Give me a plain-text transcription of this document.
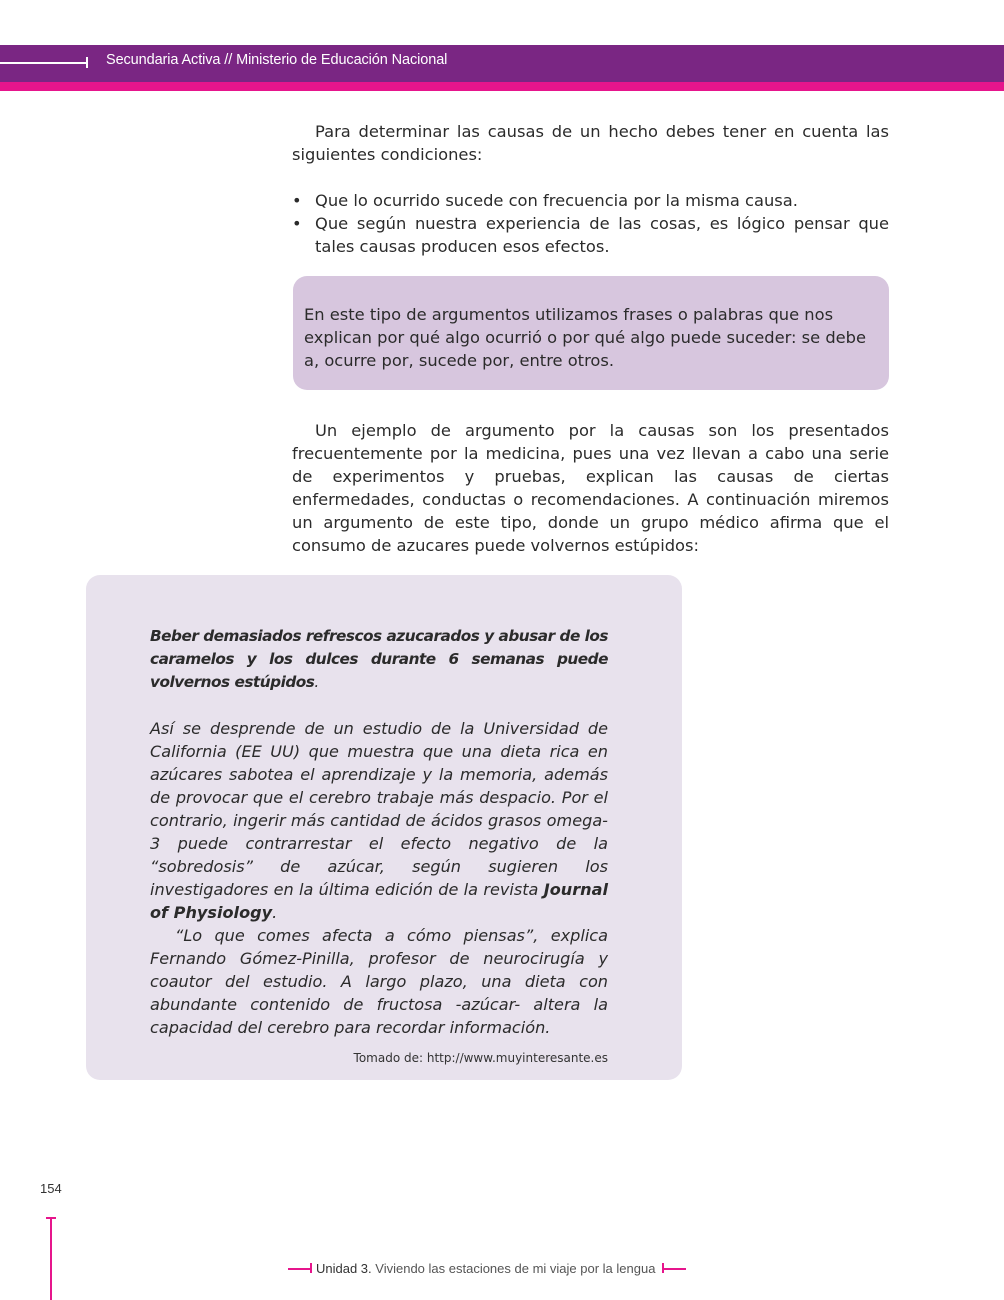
Secundaria Activa // Ministerio de Educación Nacional

Para determinar las causas de un hecho debes tener en cuenta las siguientes condiciones:

• Que lo ocurrido sucede con frecuencia por la misma causa.
• Que según nuestra experiencia de las cosas, es lógico pensar que tales causas producen esos efectos.

En este tipo de argumentos utilizamos frases o palabras que nos explican por qué algo ocurrió o por qué algo puede suceder: se debe a, ocurre por, sucede por, entre otros.

Un ejemplo de argumento por la causas son los presentados frecuentemente por la medicina, pues una vez llevan a cabo una serie de experimentos y pruebas, explican las causas de ciertas enfermedades, conductas o recomendaciones. A continuación miremos un argumento de este tipo, donde un grupo médico afirma que el consumo de azucares puede volvernos estúpidos:

Beber demasiados refrescos azucarados y abusar de los caramelos y los dulces durante 6 semanas puede volvernos estúpidos.

Así se desprende de un estudio de la Universidad de California (EE UU) que muestra que una dieta rica en azúcares sabotea el aprendizaje y la memoria, además de provocar que el cerebro trabaje más despacio. Por el contrario, ingerir más cantidad de ácidos grasos omega-3 puede contrarrestar el efecto negativo de la “sobredosis” de azúcar, según sugieren los investigadores en la última edición de la revista Journal of Physiology.

“Lo que comes afecta a cómo piensas”, explica Fernando Gómez-Pinilla, profesor de neurocirugía y coautor del estudio. A largo plazo, una dieta con abundante contenido de fructosa -azúcar- altera la capacidad del cerebro para recordar información.

Tomado de: http://www.muyinteresante.es

154
Unidad 3. Viviendo las estaciones de mi viaje por la lengua
